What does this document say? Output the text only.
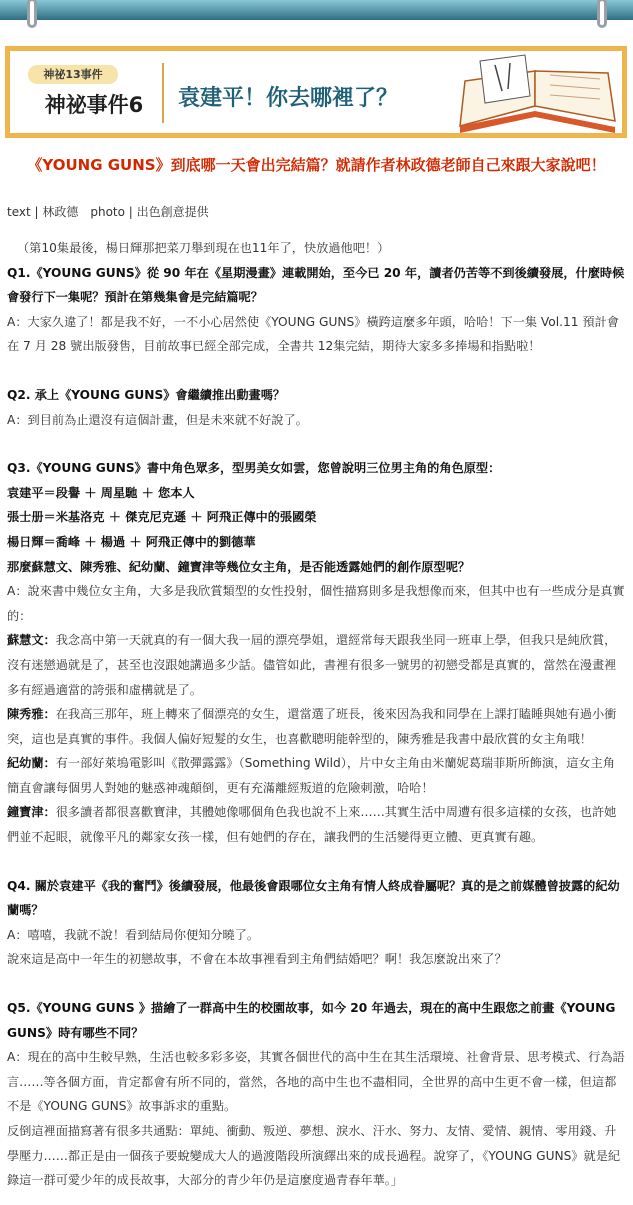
神祕13事件
神祕事件6	袁建平！你去哪裡了？
《YOUNG GUNS》到底哪一天會出完結篇？就請作者林政德老師自己來跟大家說吧！
text | 林政德　photo | 出色創意提供

（第10集最後，楊日輝那把菜刀舉到現在也11年了，快放過他吧！）

Q1.《YOUNG GUNS》從 90 年在《星期漫畫》連載開始，至今已 20 年，讀者仍苦等不到後續發展，什麼時候會發行下一集呢？預計在第幾集會是完結篇呢？

A：大家久違了！都是我不好，一不小心居然使《YOUNG GUNS》橫跨這麼多年頭，哈哈！下一集 Vol.11 預計會在 7 月 28 號出版發售，目前故事已經全部完成，全書共 12集完結，期待大家多多捧場和指點啦！

Q2. 承上《YOUNG GUNS》會繼續推出動畫嗎？

A：到目前為止還沒有這個計畫，但是未來就不好說了。

Q3.《YOUNG GUNS》書中角色眾多，型男美女如雲，您曾說明三位男主角的角色原型：

袁建平＝段譽 ＋ 周星馳 ＋ 您本人

張士册＝米基洛克 ＋ 傑克尼克遜 ＋ 阿飛正傳中的張國榮

楊日輝＝喬峰 ＋ 楊過 ＋ 阿飛正傳中的劉德華

那麼蘇慧文、陳秀雅、紀幼蘭、鐘寶津等幾位女主角，是否能透露她們的創作原型呢？

A：說來書中幾位女主角，大多是我欣賞類型的女性投射，個性描寫則多是我想像而來，但其中也有一些成分是真實的：

蘇慧文：我念高中第一天就真的有一個大我一屆的漂亮學姐，還經常每天跟我坐同一班車上學，但我只是純欣賞，沒有迷戀過就是了，甚至也沒跟她講過多少話。儘管如此，書裡有很多一號男的初戀受都是真實的，當然在漫畫裡多有經過適當的誇張和虛構就是了。

陳秀雅：在我高三那年，班上轉來了個漂亮的女生，還當選了班長，後來因為我和同學在上課打瞌睡與她有過小衝突，這也是真實的事件。我個人偏好短髮的女生，也喜歡聰明能幹型的，陳秀雅是我書中最欣賞的女主角哦！

紀幼蘭：有一部好萊塢電影叫《散彈露露》（Something Wild），片中女主角由米蘭妮葛瑞菲斯所飾演，這女主角簡直會讓每個男人對她的魅惑神魂顛倒，更有充滿離經叛道的危險刺激，哈哈！

鐘寶津：很多讀者都很喜歡寶津，其體她像哪個角色我也說不上來……其實生活中周遭有很多這樣的女孩，也許她們並不起眼，就像平凡的鄰家女孩一樣，但有她們的存在，讓我們的生活變得更立體、更真實有趣。

Q4. 關於袁建平《我的奮鬥》後續發展，他最後會跟哪位女主角有情人終成眷屬呢？真的是之前媒體曾披露的紀幼蘭嗎？

A：嘻嘻，我就不說！看到結局你便知分曉了。

說來這是高中一年生的初戀故事，不會在本故事裡看到主角們結婚吧？啊！我怎麼說出來了？

Q5.《YOUNG GUNS 》描繪了一群高中生的校園故事，如今 20 年過去，現在的高中生跟您之前畫《YOUNG GUNS》時有哪些不同？

A：現在的高中生較早熟，生活也較多彩多姿，其實各個世代的高中生在其生活環境、社會背景、思考模式、行為語言……等各個方面，肯定都會有所不同的，當然，各地的高中生也不盡相同，全世界的高中生更不會一樣，但這都不是《YOUNG GUNS》故事訴求的重點。

反倒這裡面描寫著有很多共通點：單純、衝動、叛逆、夢想、淚水、汗水、努力、友情、愛情、親情、零用錢、升學壓力……都正是由一個孩子要蛻變成大人的過渡階段所演繹出來的成長過程。說穿了，《YOUNG GUNS》就是紀錄這一群可愛少年的成長故事，大部分的青少年仍是這麼度過青春年華。」
